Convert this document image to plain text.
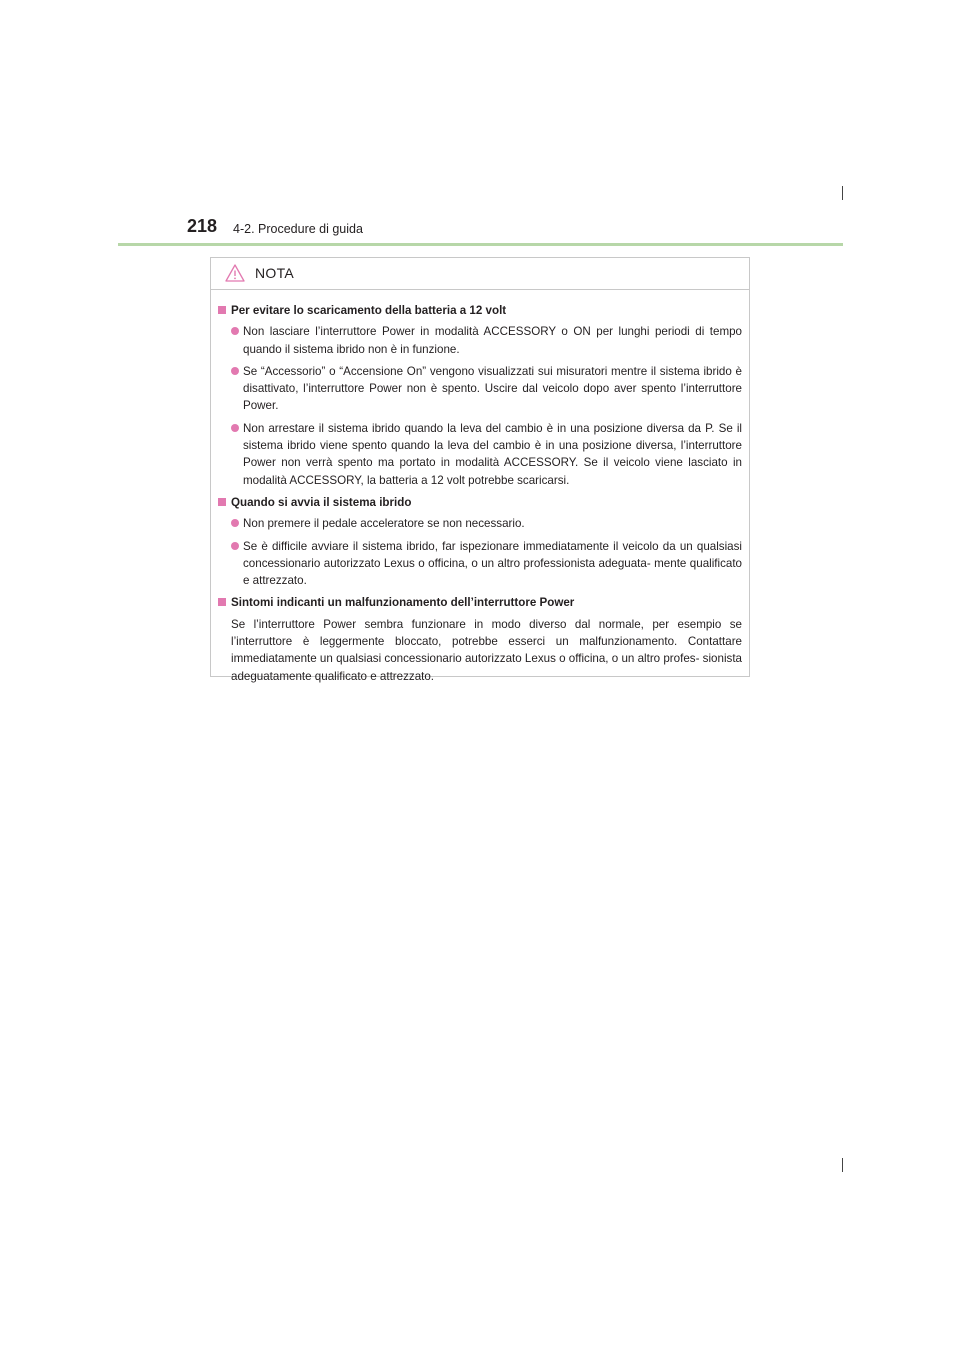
218 4-2. Procedure di guida
NOTA
Per evitare lo scaricamento della batteria a 12 volt
Non lasciare l’interruttore Power in modalità ACCESSORY o ON per lunghi periodi di tempo quando il sistema ibrido non è in funzione.
Se “Accessorio” o “Accensione On” vengono visualizzati sui misuratori mentre il sistema ibrido è disattivato, l’interruttore Power non è spento. Uscire dal veicolo dopo aver spento l’interruttore Power.
Non arrestare il sistema ibrido quando la leva del cambio è in una posizione diversa da P. Se il sistema ibrido viene spento quando la leva del cambio è in una posizione diversa, l’interruttore Power non verrà spento ma portato in modalità ACCESSORY. Se il veicolo viene lasciato in modalità ACCESSORY, la batteria a 12 volt potrebbe scaricarsi.
Quando si avvia il sistema ibrido
Non premere il pedale acceleratore se non necessario.
Se è difficile avviare il sistema ibrido, far ispezionare immediatamente il veicolo da un qualsiasi concessionario autorizzato Lexus o officina, o un altro professionista adeguata- mente qualificato e attrezzato.
Sintomi indicanti un malfunzionamento dell’interruttore Power
Se l’interruttore Power sembra funzionare in modo diverso dal normale, per esempio se l’interruttore è leggermente bloccato, potrebbe esserci un malfunzionamento. Contattare immediatamente un qualsiasi concessionario autorizzato Lexus o officina, o un altro profes- sionista adeguatamente qualificato e attrezzato.
